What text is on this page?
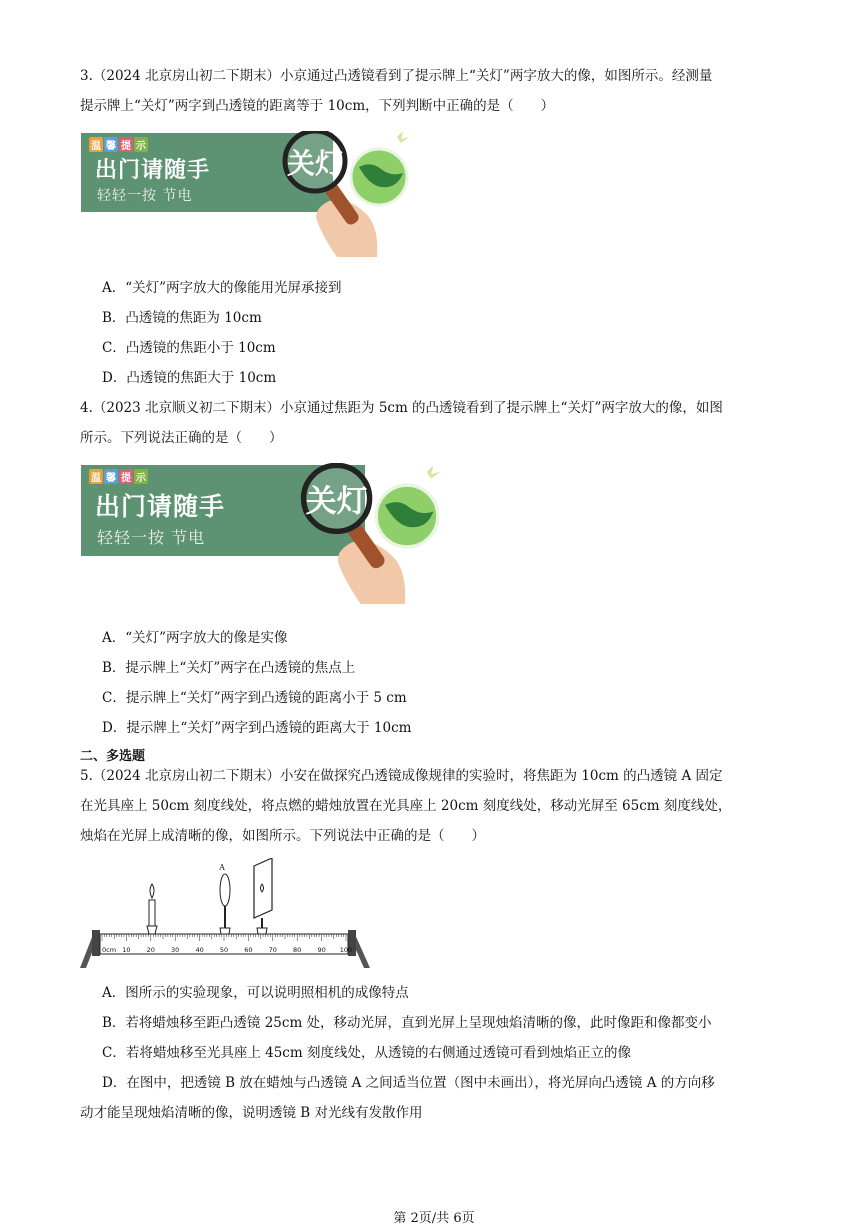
3.（2024 北京房山初二下期末）小京通过凸透镜看到了提示牌上“关灯”两字放大的像，如图所示。经测量
提示牌上“关灯”两字到凸透镜的距离等于 10cm，下列判断中正确的是（　　）
温 馨 提 示
出门请随手
轻轻一按 节电
关灯
A．“关灯”两字放大的像能用光屏承接到
B．凸透镜的焦距为 10cm
C．凸透镜的焦距小于 10cm
D．凸透镜的焦距大于 10cm
4.（2023 北京顺义初二下期末）小京通过焦距为 5cm 的凸透镜看到了提示牌上“关灯”两字放大的像，如图
所示。下列说法正确的是（　　）
温 馨 提 示
出门请随手
轻轻一按 节电
关灯
A．“关灯”两字放大的像是实像
B．提示牌上“关灯”两字在凸透镜的焦点上
C．提示牌上“关灯”两字到凸透镜的距离小于 5 cm
D．提示牌上“关灯”两字到凸透镜的距离大于 10cm
二、多选题
5.（2024 北京房山初二下期末）小安在做探究凸透镜成像规律的实验时，将焦距为 10cm 的凸透镜 A 固定
在光具座上 50cm 刻度线处，将点燃的蜡烛放置在光具座上 20cm 刻度线处，移动光屏至 65cm 刻度线处，
烛焰在光屏上成清晰的像，如图所示。下列说法中正确的是（　　）
0cm 10 20 30 40 50 60 70 80 90 100
A
A．图所示的实验现象，可以说明照相机的成像特点
B．若将蜡烛移至距凸透镜 25cm 处，移动光屏，直到光屏上呈现烛焰清晰的像，此时像距和像都变小
C．若将蜡烛移至光具座上 45cm 刻度线处，从透镜的右侧通过透镜可看到烛焰正立的像
D．在图中，把透镜 B 放在蜡烛与凸透镜 A 之间适当位置（图中未画出），将光屏向凸透镜 A 的方向移
动才能呈现烛焰清晰的像，说明透镜 B 对光线有发散作用
第 2页/共 6页
